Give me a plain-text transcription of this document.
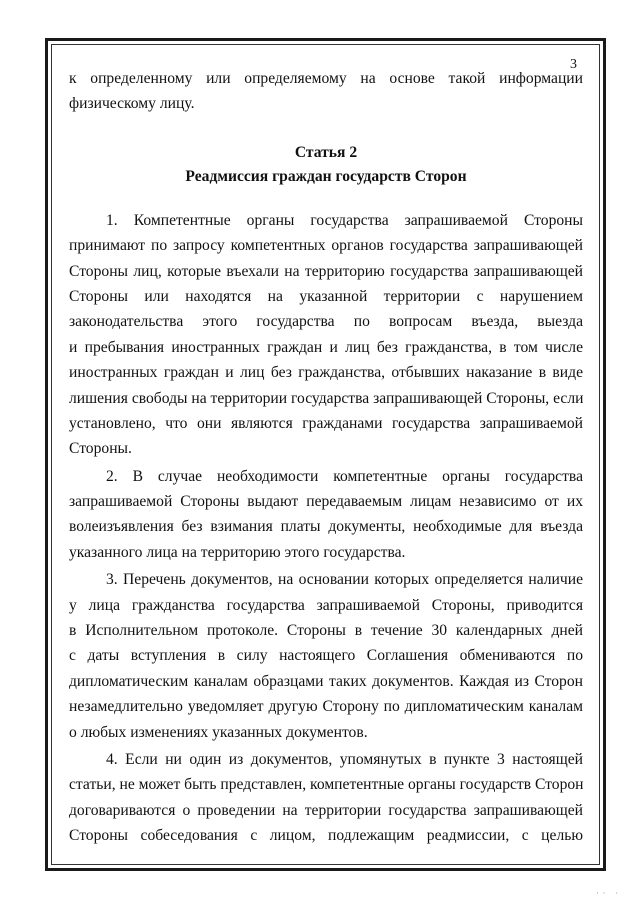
3
к определенному или определяемому на основе такой информации
физическому лицу.
Статья 2
Реадмиссия граждан государств Сторон
1. Компетентные органы государства запрашиваемой Стороны
принимают по запросу компетентных органов государства запрашивающей
Стороны лиц, которые въехали на территорию государства запрашивающей
Стороны или находятся на указанной территории с нарушением
законодательства этого государства по вопросам въезда, выезда
и пребывания иностранных граждан и лиц без гражданства, в том числе
иностранных граждан и лиц без гражданства, отбывших наказание в виде
лишения свободы на территории государства запрашивающей Стороны, если
установлено, что они являются гражданами государства запрашиваемой
Стороны.
2. В случае необходимости компетентные органы государства
запрашиваемой Стороны выдают передаваемым лицам независимо от их
волеизъявления без взимания платы документы, необходимые для въезда
указанного лица на территорию этого государства.
3. Перечень документов, на основании которых определяется наличие
у лица гражданства государства запрашиваемой Стороны, приводится
в Исполнительном протоколе. Стороны в течение 30 календарных дней
с даты вступления в силу настоящего Соглашения обмениваются по
дипломатическим каналам образцами таких документов. Каждая из Сторон
незамедлительно уведомляет другую Сторону по дипломатическим каналам
о любых изменениях указанных документов.
4. Если ни один из документов, упомянутых в пункте 3 настоящей
статьи, не может быть представлен, компетентные органы государств Сторон
договариваются о проведении на территории государства запрашивающей
Стороны собеседования с лицом, подлежащим реадмиссии, с целью
·· ·
